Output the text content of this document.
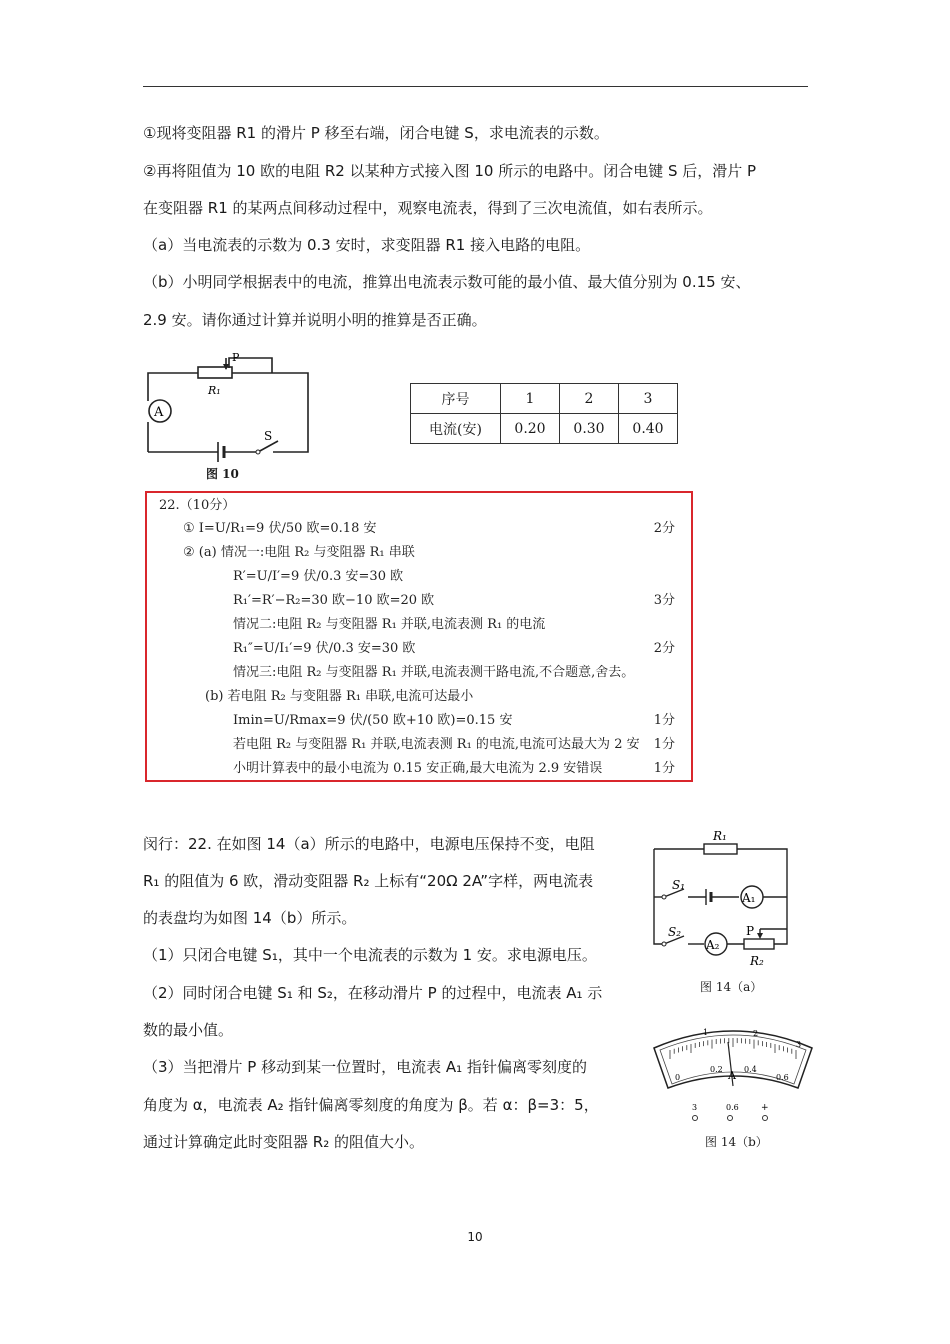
①现将变阻器 R1 的滑片 P 移至右端，闭合电键 S，求电流表的示数。
②再将阻值为 10 欧的电阻 R2 以某种方式接入图 10 所示的电路中。闭合电键 S 后，滑片 P
在变阻器 R1 的某两点间移动过程中，观察电流表，得到了三次电流值，如右表所示。
（a）当电流表的示数为 0.3 安时，求变阻器 R1 接入电路的电阻。
（b）小明同学根据表中的电流，推算出电流表示数可能的最小值、最大值分别为 0.15 安、
2.9 安。请你通过计算并说明小明的推算是否正确。
P
R₁
A
S
图 10
序号	1	2	3
电流(安)	0.20	0.30	0.40
22.（10分）
① I=U/R₁=9 伏/50 欧=0.18 安	2分
② (a) 情况一:电阻 R₂ 与变阻器 R₁ 串联
R′=U/I′=9 伏/0.3 安=30 欧
R₁′=R′−R₂=30 欧−10 欧=20 欧	3分
情况二:电阻 R₂ 与变阻器 R₁ 并联,电流表测 R₁ 的电流
R₁″=U/I₁′=9 伏/0.3 安=30 欧	2分
情况三:电阻 R₂ 与变阻器 R₁ 并联,电流表测干路电流,不合题意,舍去。
(b) 若电阻 R₂ 与变阻器 R₁ 串联,电流可达最小
Imin=U/Rmax=9 伏/(50 欧+10 欧)=0.15 安	1分
若电阻 R₂ 与变阻器 R₁ 并联,电流表测 R₁ 的电流,电流可达最大为 2 安 1分
小明计算表中的最小电流为 0.15 安正确,最大电流为 2.9 安错误	1分
闵行：22. 在如图 14（a）所示的电路中，电源电压保持不变，电阻
R₁ 的阻值为 6 欧，滑动变阻器 R₂ 上标有“20Ω 2A”字样，两电流表
的表盘均为如图 14（b）所示。
（1）只闭合电键 S₁，其中一个电流表的示数为 1 安。求电源电压。
（2）同时闭合电键 S₁ 和 S₂，在移动滑片 P 的过程中，电流表 A₁ 示
数的最小值。
（3）当把滑片 P 移动到某一位置时，电流表 A₁ 指针偏离零刻度的
角度为 α，电流表 A₂ 指针偏离零刻度的角度为 β。若 α：β=3：5，
通过计算确定此时变阻器 R₂ 的阻值大小。
R₁
S₁
A₁
S₂
A₂
P
R₂
图 14（a）
1	2
3
0
0.2	0.4
0.6
A
3	0.6 +
图 14（b）
10
